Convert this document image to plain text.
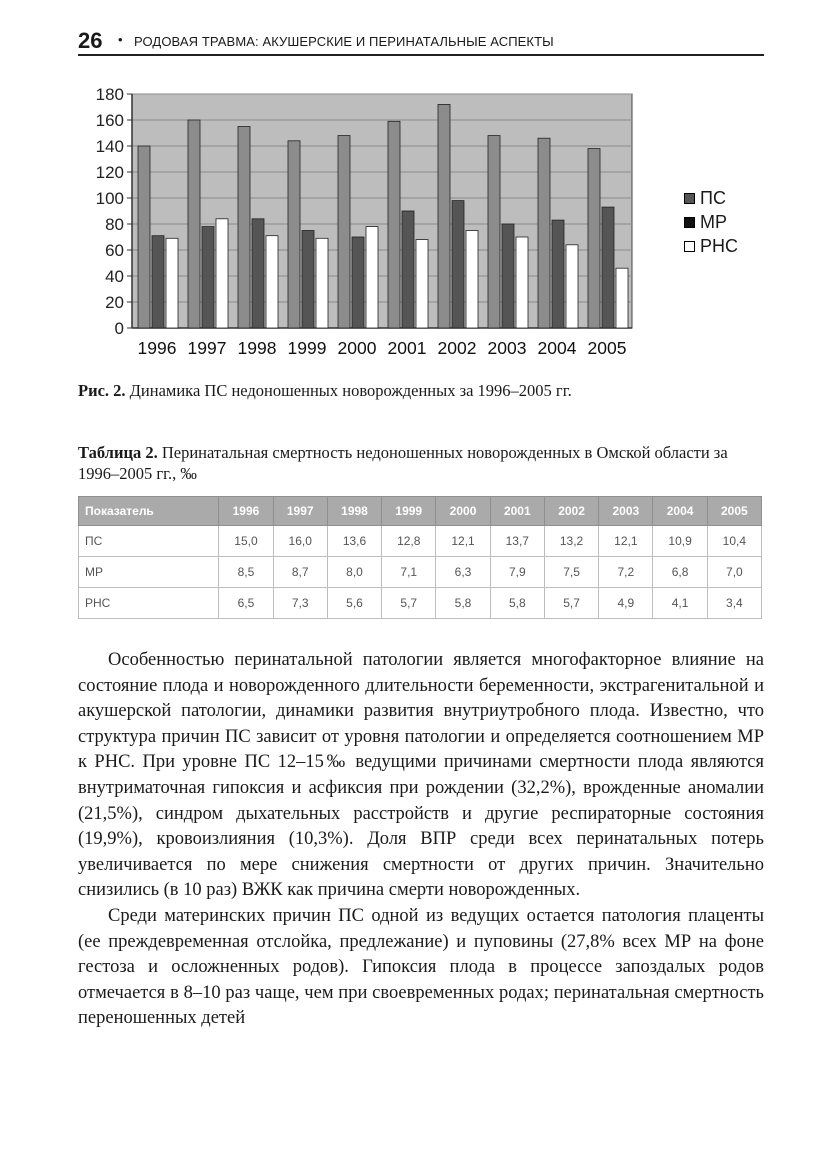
26 • РОДОВАЯ ТРАВМА: АКУШЕРСКИЕ И ПЕРИНАТАЛЬНЫЕ АСПЕКТЫ
180
160
140
120
100
80
60
40
20
0
1996 1997 1998 1999 2000 2001 2002 2003 2004 2005
ПС
МР
РНС
Рис. 2. Динамика ПС недоношенных новорожденных за 1996–2005 гг.
Таблица 2. Перинатальная смертность недоношенных новорожденных в Омской области за 1996–2005 гг., ‰
Показатель	1996	1997	1998	1999	2000	2001	2002	2003	2004	2005
ПС	15,0	16,0	13,6	12,8	12,1	13,7	13,2	12,1	10,9	10,4
МР	8,5	8,7	8,0	7,1	6,3	7,9	7,5	7,2	6,8	7,0
РНС	6,5	7,3	5,6	5,7	5,8	5,8	5,7	4,9	4,1	3,4

Особенностью перинатальной патологии является многофакторное влияние на состояние плода и новорожденного длительности беременности, экстрагенитальной и акушерской патологии, динамики развития внутриутробного плода. Известно, что структура причин ПС зависит от уровня патологии и определяется соотношением МР к РНС. При уровне ПС 12–15‰ ведущими причинами смертности плода являются внутриматочная гипоксия и асфиксия при рождении (32,2%), врожденные аномалии (21,5%), синдром дыхательных расстройств и другие респираторные состояния (19,9%), кровоизлияния (10,3%). Доля ВПР среди всех перинатальных потерь увеличивается по мере снижения смертности от других причин. Значительно снизились (в 10 раз) ВЖК как причина смерти новорожденных.

Среди материнских причин ПС одной из ведущих остается патология плаценты (ее преждевременная отслойка, предлежание) и пуповины (27,8% всех МР на фоне гестоза и осложненных родов). Гипоксия плода в процессе запоздалых родов отмечается в 8–10 раз чаще, чем при своевременных родах; перинатальная смертность переношенных детей
